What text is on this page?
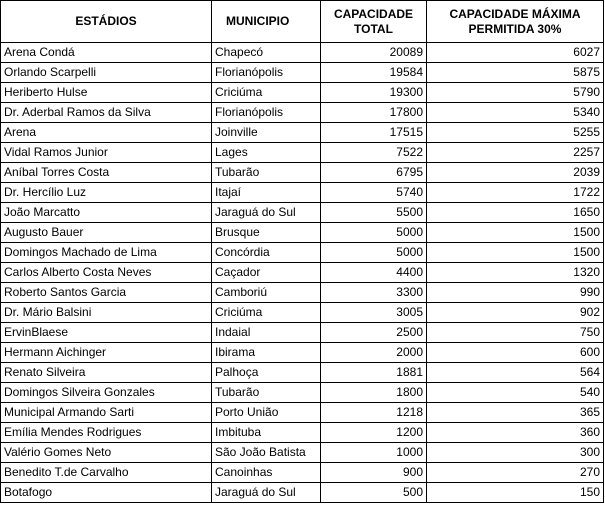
ESTÁDIOS	MUNICIPIO	CAPACIDADE TOTAL	CAPACIDADE MÁXIMA PERMITIDA 30%
Arena Condá	Chapecó	20089	6027
Orlando Scarpelli	Florianópolis	19584	5875
Heriberto Hulse	Criciúma	19300	5790
Dr. Aderbal Ramos da Silva	Florianópolis	17800	5340
Arena	Joinville	17515	5255
Vidal Ramos Junior	Lages	7522	2257
Aníbal Torres Costa	Tubarão	6795	2039
Dr. Hercílio Luz	Itajaí	5740	1722
João Marcatto	Jaraguá do Sul	5500	1650
Augusto Bauer	Brusque	5000	1500
Domingos Machado de Lima	Concórdia	5000	1500
Carlos Alberto Costa Neves	Caçador	4400	1320
Roberto Santos Garcia	Camboriú	3300	990
Dr. Mário Balsini	Criciúma	3005	902
ErvinBlaese	Indaial	2500	750
Hermann Aichinger	Ibirama	2000	600
Renato Silveira	Palhoça	1881	564
Domingos Silveira Gonzales	Tubarão	1800	540
Municipal Armando Sarti	Porto União	1218	365
Emília Mendes Rodrigues	Imbituba	1200	360
Valério Gomes Neto	São João Batista	1000	300
Benedito T.de Carvalho	Canoinhas	900	270
Botafogo	Jaraguá do Sul	500	150
